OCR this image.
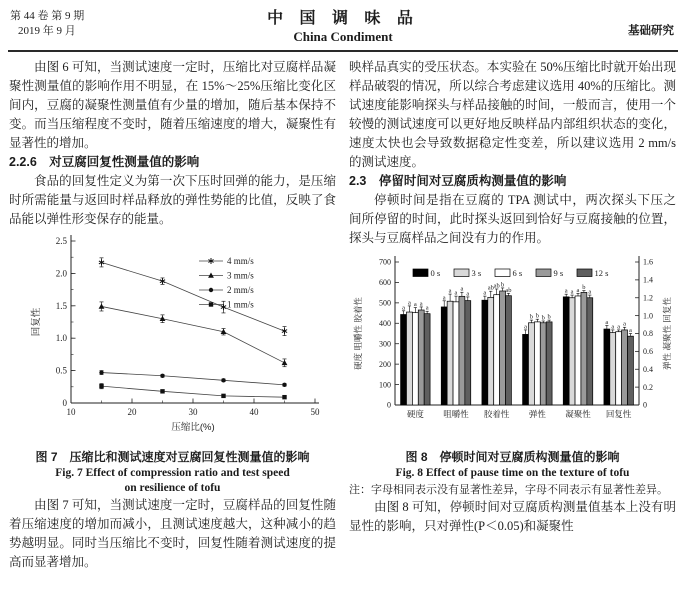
第 44 卷 第 9 期
2019 年 9 月
中 国 调 味 品
China Condiment	基础研究

由图 6 可知，当测试速度一定时，压缩比对豆腐样品凝聚性测量值的影响作用不明显，在 15%～25%压缩比变化区间内，豆腐的凝聚性测量值有少量的增加，随后基本保持不变。而当压缩程度不变时，随着压缩速度的增大，凝聚性有显著性的增加。

2.2.6　对豆腐回复性测量值的影响

食品的回复性定义为第一次下压时回弹的能力，是压缩时所需能量与返回时样品释放的弹性势能的比值，反映了食品能以弹性形变保存的能量。

0
0.5
1.0
1.5
2.0
2.5
10	20	30	40	50
压缩比(%)
回复性
4 mm/s
3 mm/s
2 mm/s
1 mm/s
图 7　压缩比和测试速度对豆腐回复性测量值的影响
Fig. 7 Effect of compression ratio and test speed
on resilience of tofu

由图 7 可知，当测试速度一定时，豆腐样品的回复性随着压缩速度的增加而减小，且测试速度越大，这种减小的趋势越明显。同时当压缩比不变时，回复性随着测试速度的提高而显著增加。

映样品真实的受压状态。本实验在 50%压缩比时就开始出现样品破裂的情况，所以综合考虑建议选用 40%的压缩比。测试速度能影响探头与样品接触的时间，一般而言，使用一个较慢的测试速度可以更好地反映样品内部组织状态的变化，速度太快也会导致数据稳定性变差，所以建议选用 2 mm/s 的测试速度。

2.3　停留时间对豆腐质构测量值的影响

停顿时间是指在豆腐的 TPA 测试中，两次探头下压之间所停留的时间，此时探头返回到恰好与豆腐接触的位置，探头与豆腐样品之间没有力的作用。

0
100
200
300
400
500
600
700
0
0.2
0.4
0.6
0.8
1.0
1.2
1.4
1.6
a
a a a
a
硬度
a
a a
a
a
咀嚼性
a
ab ab b
ab
胶着性
a
b b b b
弹性
a a a b
a
凝聚性
a
a a a
a
回复性
0 s	3 s	6 s	9 s	12 s
硬度 咀嚼性 胶着性	弹性 凝聚性 回复性
图 8　停顿时间对豆腐质构测量值的影响
Fig. 8 Effect of pause time on the texture of tofu

注：字母相同表示没有显著性差异，字母不同表示有显著性差异。

由图 8 可知，停顿时间对豆腐质构测量值基本上没有明显性的影响，只对弹性(P＜0.05)和凝聚性
